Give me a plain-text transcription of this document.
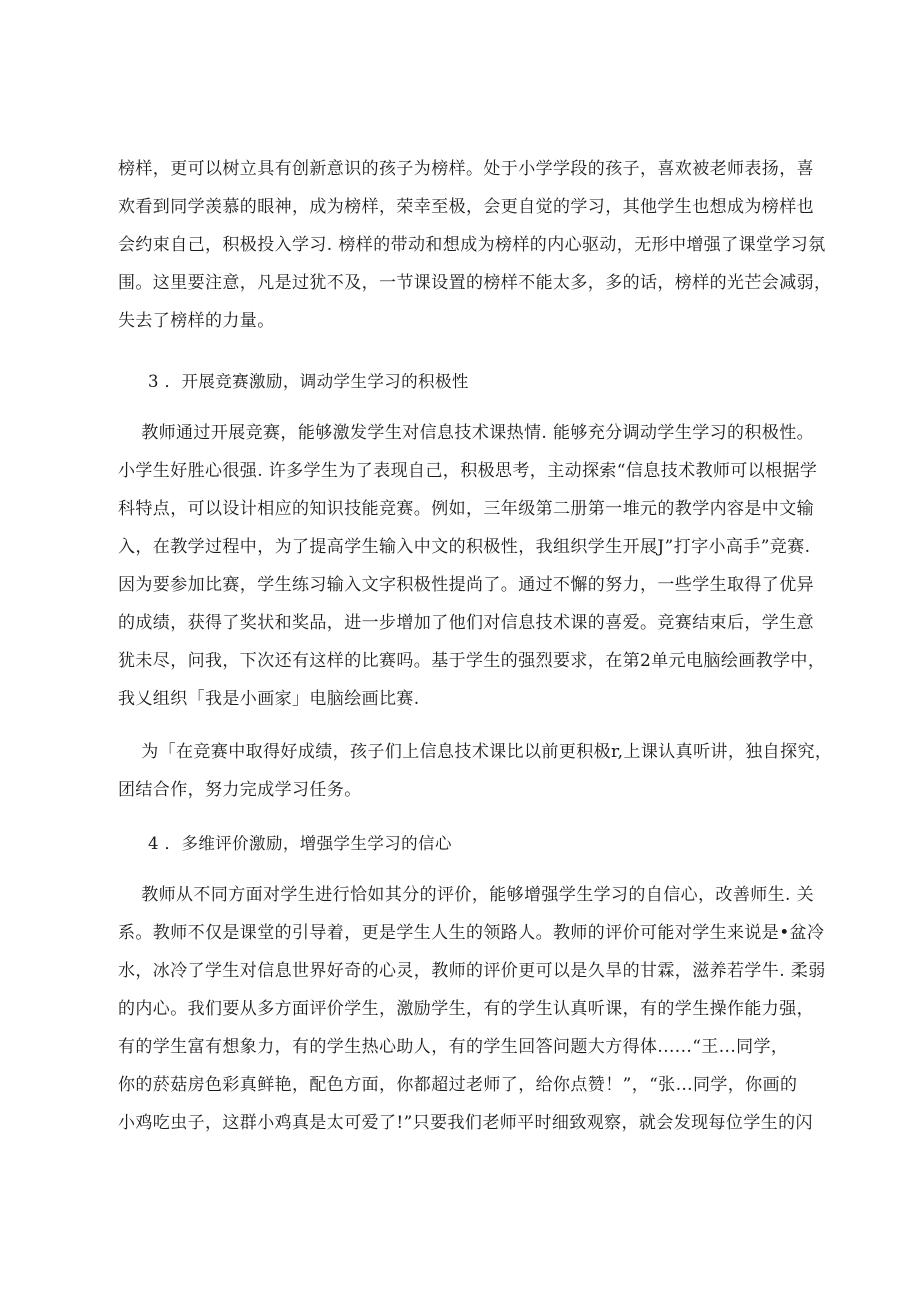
榜样，更可以树立具有创新意识的孩子为榜样。处于小学学段的孩子，喜欢被老师表扬，喜
欢看到同学羡慕的眼神，成为榜样，荣幸至极，会更自觉的学习，其他学生也想成为榜样也
会约束自己，积极投入学习. 榜样的带动和想成为榜样的内心驱动，无形中增强了课堂学习氛
围。这里要注意，凡是过犹不及，一节课设置的榜样不能太多，多的话，榜样的光芒会减弱，
失去了榜样的力量。
3 ．开展竞赛激励，调动学生学习的积极性
教师通过开展竞赛，能够激发学生对信息技术课热情. 能够充分调动学生学习的积极性。
小学生好胜心很强. 许多学生为了表现自己，积极思考，主动探索“信息技术教师可以根据学
科特点，可以设计相应的知识技能竞赛。例如，三年级第二册第一堆元的教学内容是中文输
入，在教学过程中，为了提高学生输入中文的积极性，我组织学生开展J”打字小高手”竞赛.
因为要参加比赛，学生练习输入文字积极性提尚了。通过不懈的努力，一些学生取得了优异
的成绩，获得了奖状和奖品，进一步增加了他们对信息技术课的喜爱。竞赛结束后，学生意
犹未尽，问我，下次还有这样的比赛吗。基于学生的强烈要求，在第2单元电脑绘画教学中，
我乂组织「我是小画家」电脑绘画比赛.
为「在竞赛中取得好成绩，孩子们上信息技术课比以前更积极r,上课认真听讲，独自探究，
团结合作，努力完成学习任务。
4 ．多维评价激励，增强学生学习的信心
教师从不同方面对学生进行恰如其分的评价，能够增强学生学习的自信心，改善师生. 关
系。教师不仅是课堂的引导着，更是学生人生的领路人。教师的评价可能对学生来说是•盆冷
水，冰冷了学生对信息世界好奇的心灵，教师的评价更可以是久旱的甘霖，滋养若学牛. 柔弱
的内心。我们要从多方面评价学生，激励学生，有的学生认真听课，有的学生操作能力强，
有的学生富有想象力，有的学生热心助人，有的学生回答问题大方得体......“王...同学，
你的菸菇房色彩真鲜艳，配色方面，你都超过老师了，给你点赞！”，“张…同学，你画的
小鸡吃虫子，这群小鸡真是太可爱了!”只要我们老师平时细致观察，就会发现每位学生的闪
